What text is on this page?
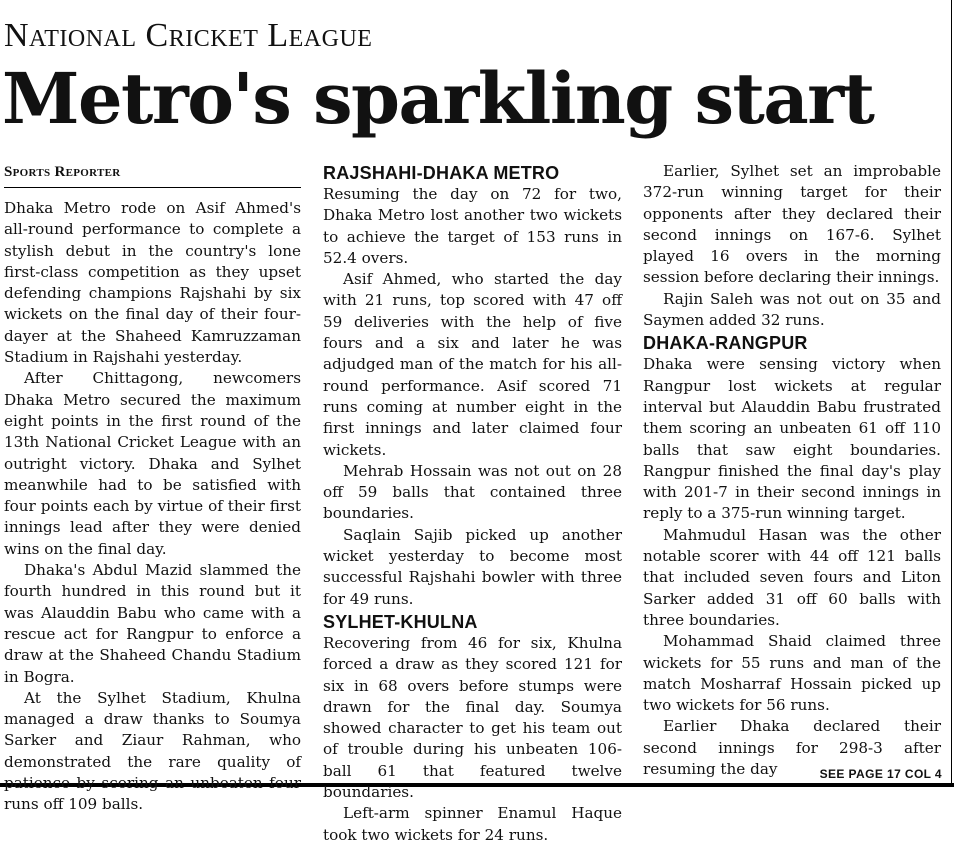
National Cricket League
Metro's sparkling start
Sports Reporter

Dhaka Metro rode on Asif Ahmed's all-round performance to complete a stylish debut in the country's lone first-class competition as they upset defending champions Rajshahi by six wickets on the final day of their four-dayer at the Shaheed Kamruzzaman Stadium in Rajshahi yesterday.

After Chittagong, newcomers Dhaka Metro secured the maximum eight points in the first round of the 13th National Cricket League with an outright victory. Dhaka and Sylhet meanwhile had to be satisfied with four points each by virtue of their first innings lead after they were denied wins on the final day.

Dhaka's Abdul Mazid slammed the fourth hundred in this round but it was Alauddin Babu who came with a rescue act for Rangpur to enforce a draw at the Shaheed Chandu Stadium in Bogra.

At the Sylhet Stadium, Khulna managed a draw thanks to Soumya Sarker and Ziaur Rahman, who demonstrated the rare quality of patience by scoring an unbeaten four runs off 109 balls.

RAJSHAHI-DHAKA METRO

Resuming the day on 72 for two, Dhaka Metro lost another two wickets to achieve the target of 153 runs in 52.4 overs.

Asif Ahmed, who started the day with 21 runs, top scored with 47 off 59 deliveries with the help of five fours and a six and later he was adjudged man of the match for his all-round performance. Asif scored 71 runs coming at number eight in the first innings and later claimed four wickets.

Mehrab Hossain was not out on 28 off 59 balls that contained three boundaries.

Saqlain Sajib picked up another wicket yesterday to become most successful Rajshahi bowler with three for 49 runs.

SYLHET-KHULNA

Recovering from 46 for six, Khulna forced a draw as they scored 121 for six in 68 overs before stumps were drawn for the final day. Soumya showed character to get his team out of trouble during his unbeaten 106-ball 61 that featured twelve boundaries.

Left-arm spinner Enamul Haque took two wickets for 24 runs.

Earlier, Sylhet set an improbable 372-run winning target for their opponents after they declared their second innings on 167-6. Sylhet played 16 overs in the morning session before declaring their innings.

Rajin Saleh was not out on 35 and Saymen added 32 runs.

DHAKA-RANGPUR

Dhaka were sensing victory when Rangpur lost wickets at regular interval but Alauddin Babu frustrated them scoring an unbeaten 61 off 110 balls that saw eight boundaries. Rangpur finished the final day's play with 201-7 in their second innings in reply to a 375-run winning target.

Mahmudul Hasan was the other notable scorer with 44 off 121 balls that included seven fours and Liton Sarker added 31 off 60 balls with three boundaries.

Mohammad Shaid claimed three wickets for 55 runs and man of the match Mosharraf Hossain picked up two wickets for 56 runs.

Earlier Dhaka declared their second innings for 298-3 after resuming the day	SEE PAGE 17 COL 4
